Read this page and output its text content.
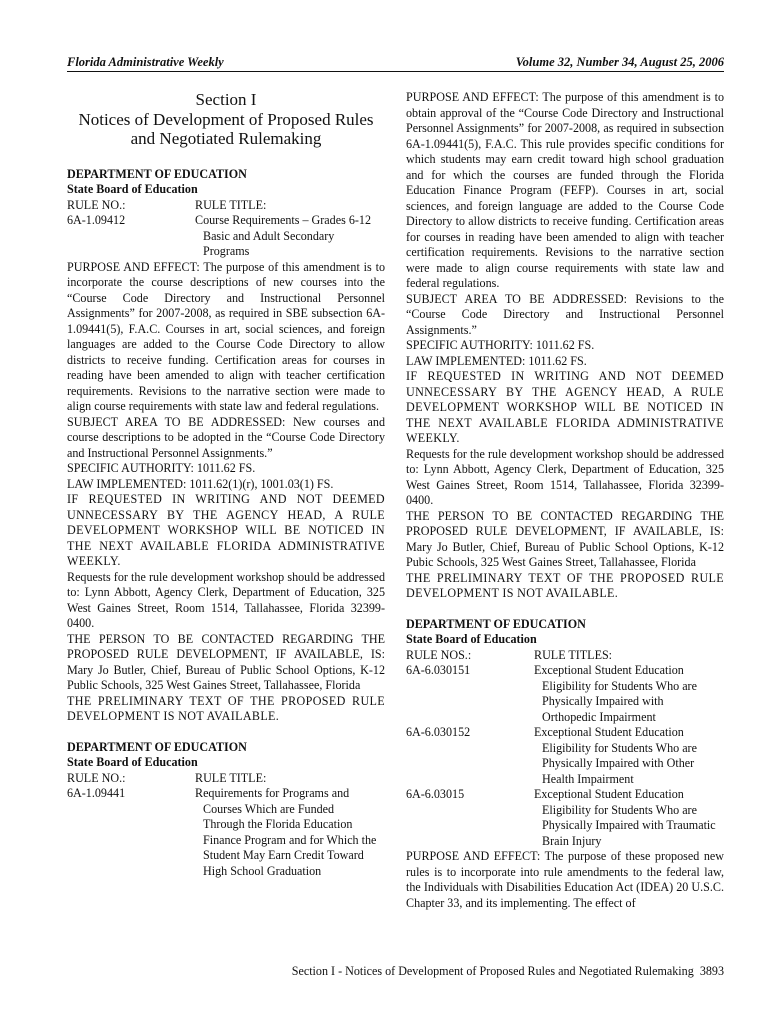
Florida Administrative Weekly	Volume 32, Number 34, August 25, 2006
Section I
Notices of Development of Proposed Rules
and Negotiated Rulemaking

DEPARTMENT OF EDUCATION

State Board of Education

RULE NO.:	RULE TITLE:
6A-1.09412	Course Requirements – Grades 6-12
Basic and Adult Secondary
Programs

PURPOSE AND EFFECT: The purpose of this amendment is to incorporate the course descriptions of new courses into the “Course Code Directory and Instructional Personnel Assignments” for 2007-2008, as required in SBE subsection 6A-1.09441(5), F.A.C. Courses in art, social sciences, and foreign languages are added to the Course Code Directory to allow districts to receive funding. Certification areas for courses in reading have been amended to align with teacher certification requirements. Revisions to the narrative section were made to align course requirements with state law and federal regulations.

SUBJECT AREA TO BE ADDRESSED: New courses and course descriptions to be adopted in the “Course Code Directory and Instructional Personnel Assignments.”

SPECIFIC AUTHORITY: 1011.62 FS.

LAW IMPLEMENTED: 1011.62(1)(r), 1001.03(1) FS.

IF REQUESTED IN WRITING AND NOT DEEMED UNNECESSARY BY THE AGENCY HEAD, A RULE DEVELOPMENT WORKSHOP WILL BE NOTICED IN THE NEXT AVAILABLE FLORIDA ADMINISTRATIVE WEEKLY.

Requests for the rule development workshop should be addressed to: Lynn Abbott, Agency Clerk, Department of Education, 325 West Gaines Street, Room 1514, Tallahassee, Florida 32399-0400.

THE PERSON TO BE CONTACTED REGARDING THE PROPOSED RULE DEVELOPMENT, IF AVAILABLE, IS: Mary Jo Butler, Chief, Bureau of Public School Options, K-12 Public Schools, 325 West Gaines Street, Tallahassee, Florida

THE PRELIMINARY TEXT OF THE PROPOSED RULE DEVELOPMENT IS NOT AVAILABLE.

DEPARTMENT OF EDUCATION

State Board of Education

RULE NO.:	RULE TITLE:
6A-1.09441	Requirements for Programs and
Courses Which are Funded
Through the Florida Education
Finance Program and for Which the
Student May Earn Credit Toward
High School Graduation

PURPOSE AND EFFECT: The purpose of this amendment is to obtain approval of the “Course Code Directory and Instructional Personnel Assignments” for 2007-2008, as required in subsection 6A-1.09441(5), F.A.C. This rule provides specific conditions for which students may earn credit toward high school graduation and for which the courses are funded through the Florida Education Finance Program (FEFP). Courses in art, social sciences, and foreign language are added to the Course Code Directory to allow districts to receive funding. Certification areas for courses in reading have been amended to align with teacher certification requirements. Revisions to the narrative section were made to align course requirements with state law and federal regulations.

SUBJECT AREA TO BE ADDRESSED: Revisions to the “Course Code Directory and Instructional Personnel Assignments.”

SPECIFIC AUTHORITY: 1011.62 FS.

LAW IMPLEMENTED: 1011.62 FS.

IF REQUESTED IN WRITING AND NOT DEEMED UNNECESSARY BY THE AGENCY HEAD, A RULE DEVELOPMENT WORKSHOP WILL BE NOTICED IN THE NEXT AVAILABLE FLORIDA ADMINISTRATIVE WEEKLY.

Requests for the rule development workshop should be addressed to: Lynn Abbott, Agency Clerk, Department of Education, 325 West Gaines Street, Room 1514, Tallahassee, Florida 32399-0400.

THE PERSON TO BE CONTACTED REGARDING THE PROPOSED RULE DEVELOPMENT, IF AVAILABLE, IS: Mary Jo Butler, Chief, Bureau of Public School Options, K-12 Pubic Schools, 325 West Gaines Street, Tallahassee, Florida

THE PRELIMINARY TEXT OF THE PROPOSED RULE DEVELOPMENT IS NOT AVAILABLE.

DEPARTMENT OF EDUCATION

State Board of Education

RULE NOS.:	RULE TITLES:
6A-6.030151	Exceptional Student Education
Eligibility for Students Who are
Physically Impaired with
Orthopedic Impairment
6A-6.030152	Exceptional Student Education
Eligibility for Students Who are
Physically Impaired with Other
Health Impairment
6A-6.03015	Exceptional Student Education
Eligibility for Students Who are
Physically Impaired with Traumatic
Brain Injury

PURPOSE AND EFFECT: The purpose of these proposed new rules is to incorporate into rule amendments to the federal law, the Individuals with Disabilities Education Act (IDEA) 20 U.S.C. Chapter 33, and its implementing. The effect of

Section I - Notices of Development of Proposed Rules and Negotiated Rulemaking 3893
